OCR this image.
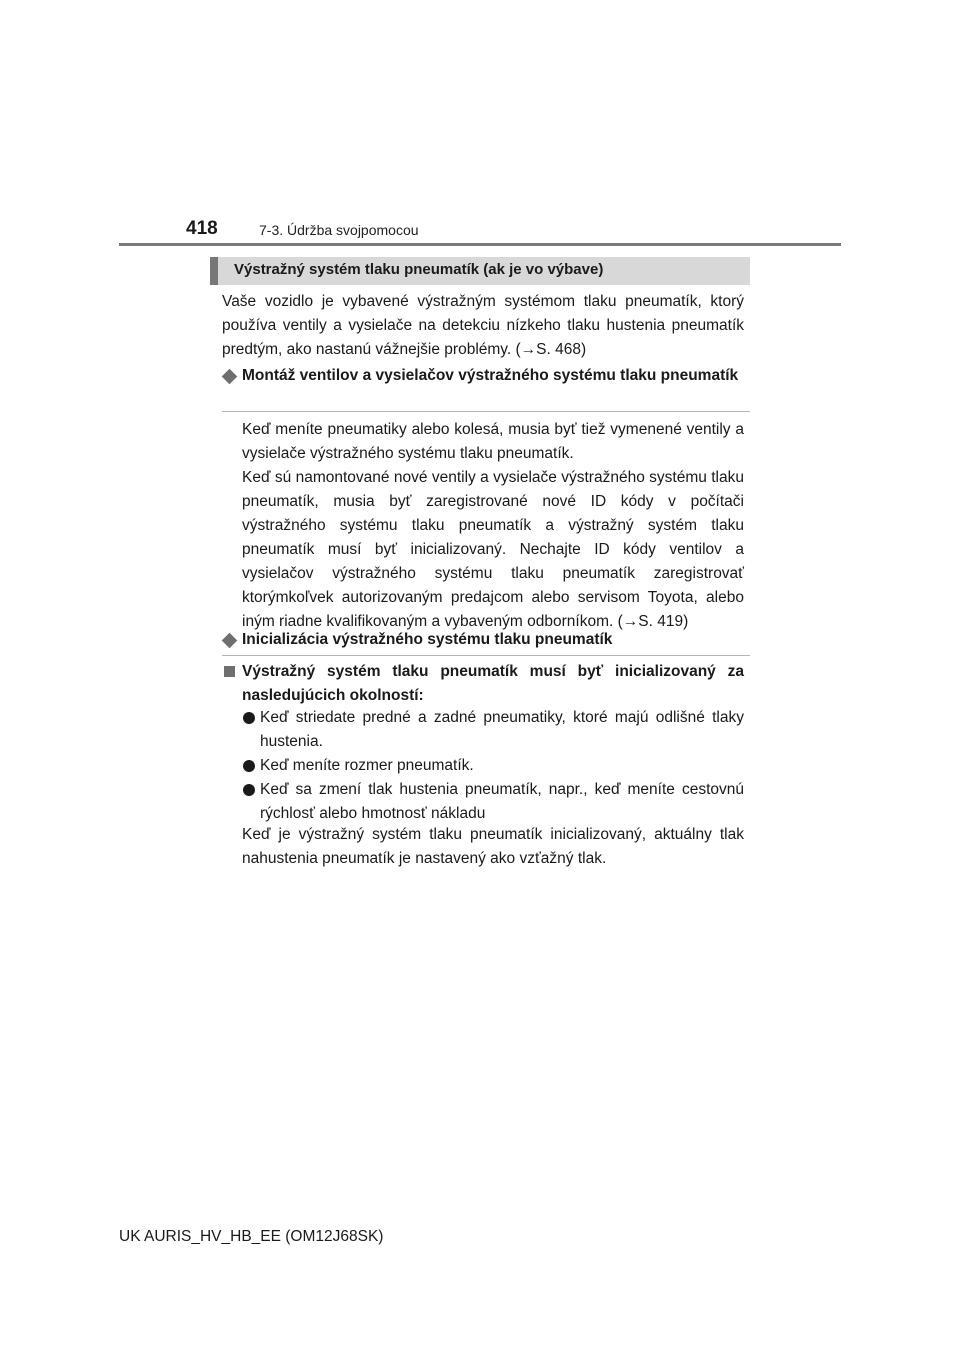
418	7-3. Údržba svojpomocou
Výstražný systém tlaku pneumatík (ak je vo výbave)
Vaše vozidlo je vybavené výstražným systémom tlaku pneumatík, ktorý používa ventily a vysielače na detekciu nízkeho tlaku hustenia pneumatík predtým, ako nastanú vážnejšie problémy. (→S. 468)
Montáž ventilov a vysielačov výstražného systému tlaku pneumatík
Keď meníte pneumatiky alebo kolesá, musia byť tiež vymenené ventily a vysielače výstražného systému tlaku pneumatík.
Keď sú namontované nové ventily a vysielače výstražného systému tlaku pneumatík, musia byť zaregistrované nové ID kódy v počítači výstražného systému tlaku pneumatík a výstražný systém tlaku pneumatík musí byť inicializovaný. Nechajte ID kódy ventilov a vysielačov výstražného systému tlaku pneumatík zaregistrovať ktorýmkoľvek autorizovaným predajcom alebo servisom Toyota, alebo iným riadne kvalifikovaným a vybaveným odborníkom. (→S. 419)
Inicializácia výstražného systému tlaku pneumatík
Výstražný systém tlaku pneumatík musí byť inicializovaný za nasledujúcich okolností:
Keď striedate predné a zadné pneumatiky, ktoré majú odlišné tlaky hustenia.
Keď meníte rozmer pneumatík.
Keď sa zmení tlak hustenia pneumatík, napr., keď meníte cestovnú rýchlosť alebo hmotnosť nákladu
Keď je výstražný systém tlaku pneumatík inicializovaný, aktuálny tlak nahustenia pneumatík je nastavený ako vzťažný tlak.
UK AURIS_HV_HB_EE (OM12J68SK)
